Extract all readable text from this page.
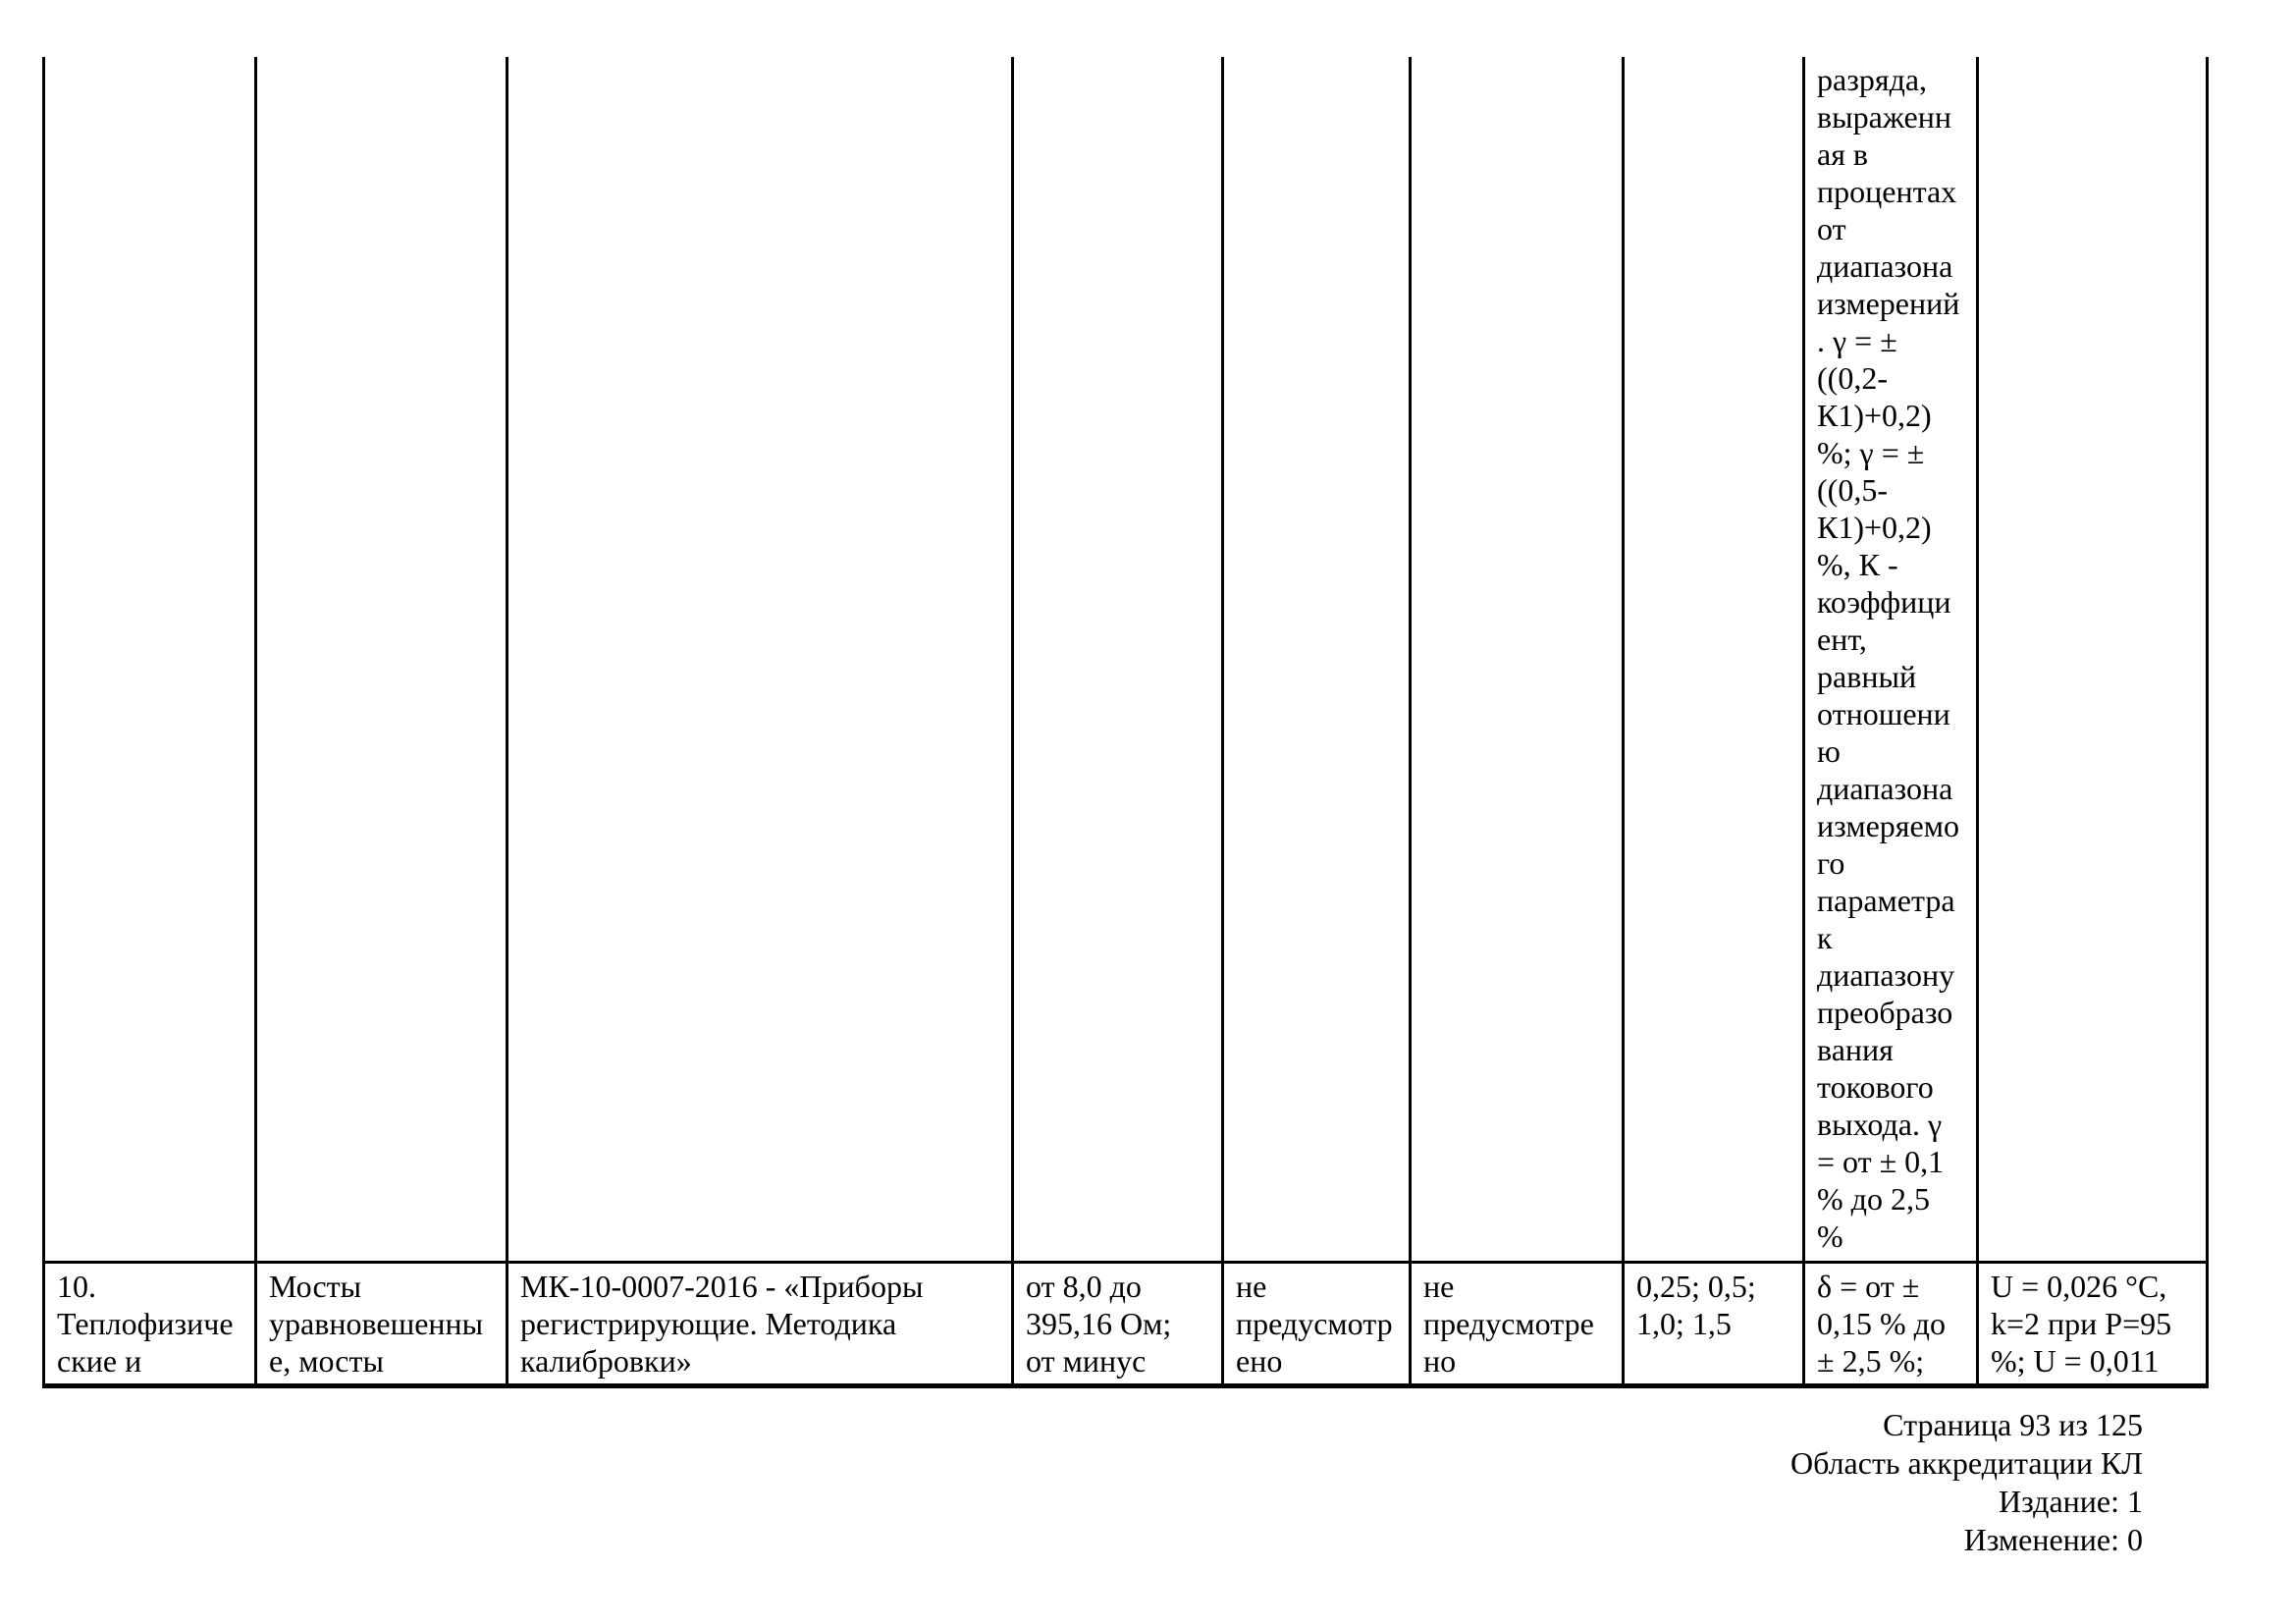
							разряда, выраженная в процентах от диапазона измерений. γ = ± ((0,2-К1)+0,2) %; γ = ± ((0,5-К1)+0,2) %, К - коэффициент, равный отношению диапазона измеряемого параметра к диапазону преобразования токового выхода. γ = от ± 0,1 % до 2,5 %	
10. Теплофизические и	Мосты уравновешенные, мосты	МК-10-0007-2016 - «Приборы регистрирующие. Методика калибровки»	от 8,0 до 395,16 Ом; от минус	не предусмотрено	не предусмотрено	0,25; 0,5; 1,0; 1,5	δ = от ± 0,15 % до ± 2,5 %;	U = 0,026 °C, k=2 при P=95 %; U = 0,011
Страница 93 из 125
Область аккредитации КЛ
Издание: 1
Изменение: 0
